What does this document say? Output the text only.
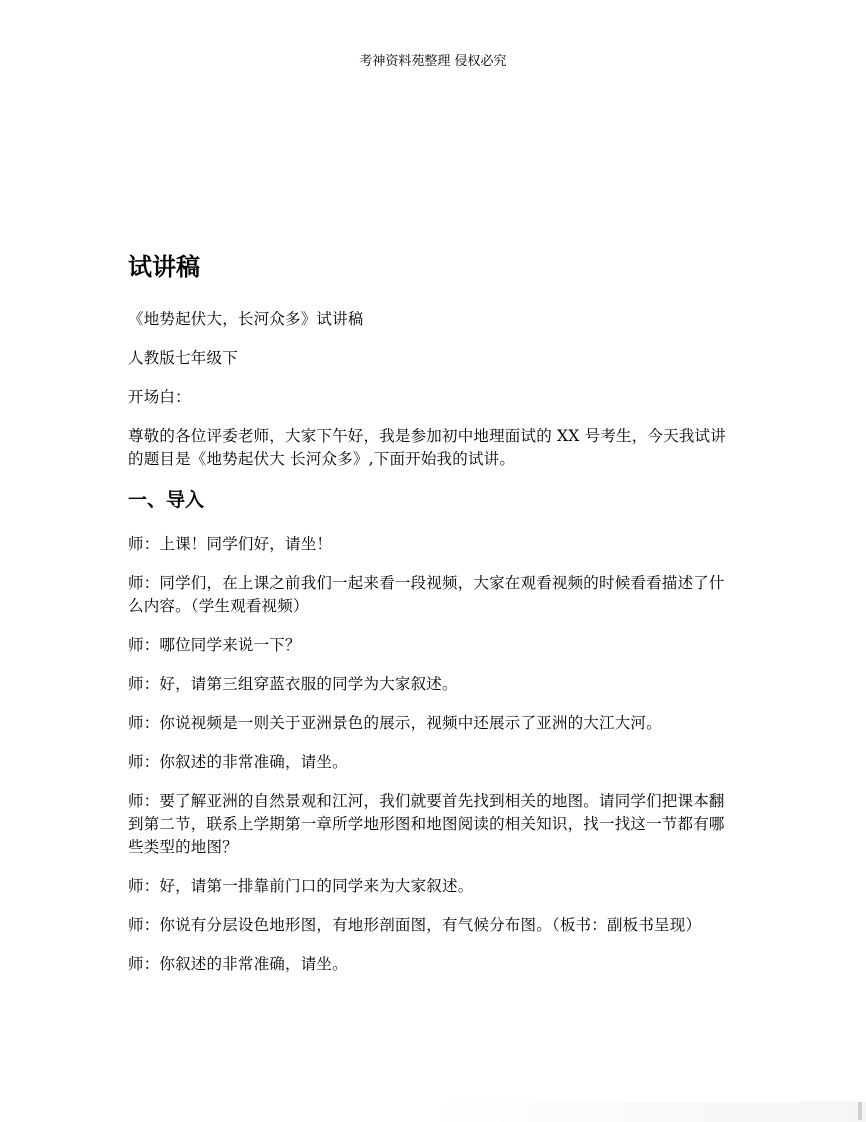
考神资料苑整理 侵权必究
试讲稿
《地势起伏大，长河众多》试讲稿
人教版七年级下
开场白：
尊敬的各位评委老师，大家下午好，我是参加初中地理面试的 XX 号考生，今天我试讲的题目是《地势起伏大 长河众多》,下面开始我的试讲。
一、导入
师：上课！同学们好，请坐！
师：同学们，在上课之前我们一起来看一段视频，大家在观看视频的时候看看描述了什么内容。（学生观看视频）
师：哪位同学来说一下？
师：好，请第三组穿蓝衣服的同学为大家叙述。
师：你说视频是一则关于亚洲景色的展示，视频中还展示了亚洲的大江大河。
师：你叙述的非常准确，请坐。
师：要了解亚洲的自然景观和江河，我们就要首先找到相关的地图。请同学们把课本翻到第二节，联系上学期第一章所学地形图和地图阅读的相关知识，找一找这一节都有哪些类型的地图？
师：好，请第一排靠前门口的同学来为大家叙述。
师：你说有分层设色地形图，有地形剖面图，有气候分布图。（板书：副板书呈现）
师：你叙述的非常准确，请坐。
